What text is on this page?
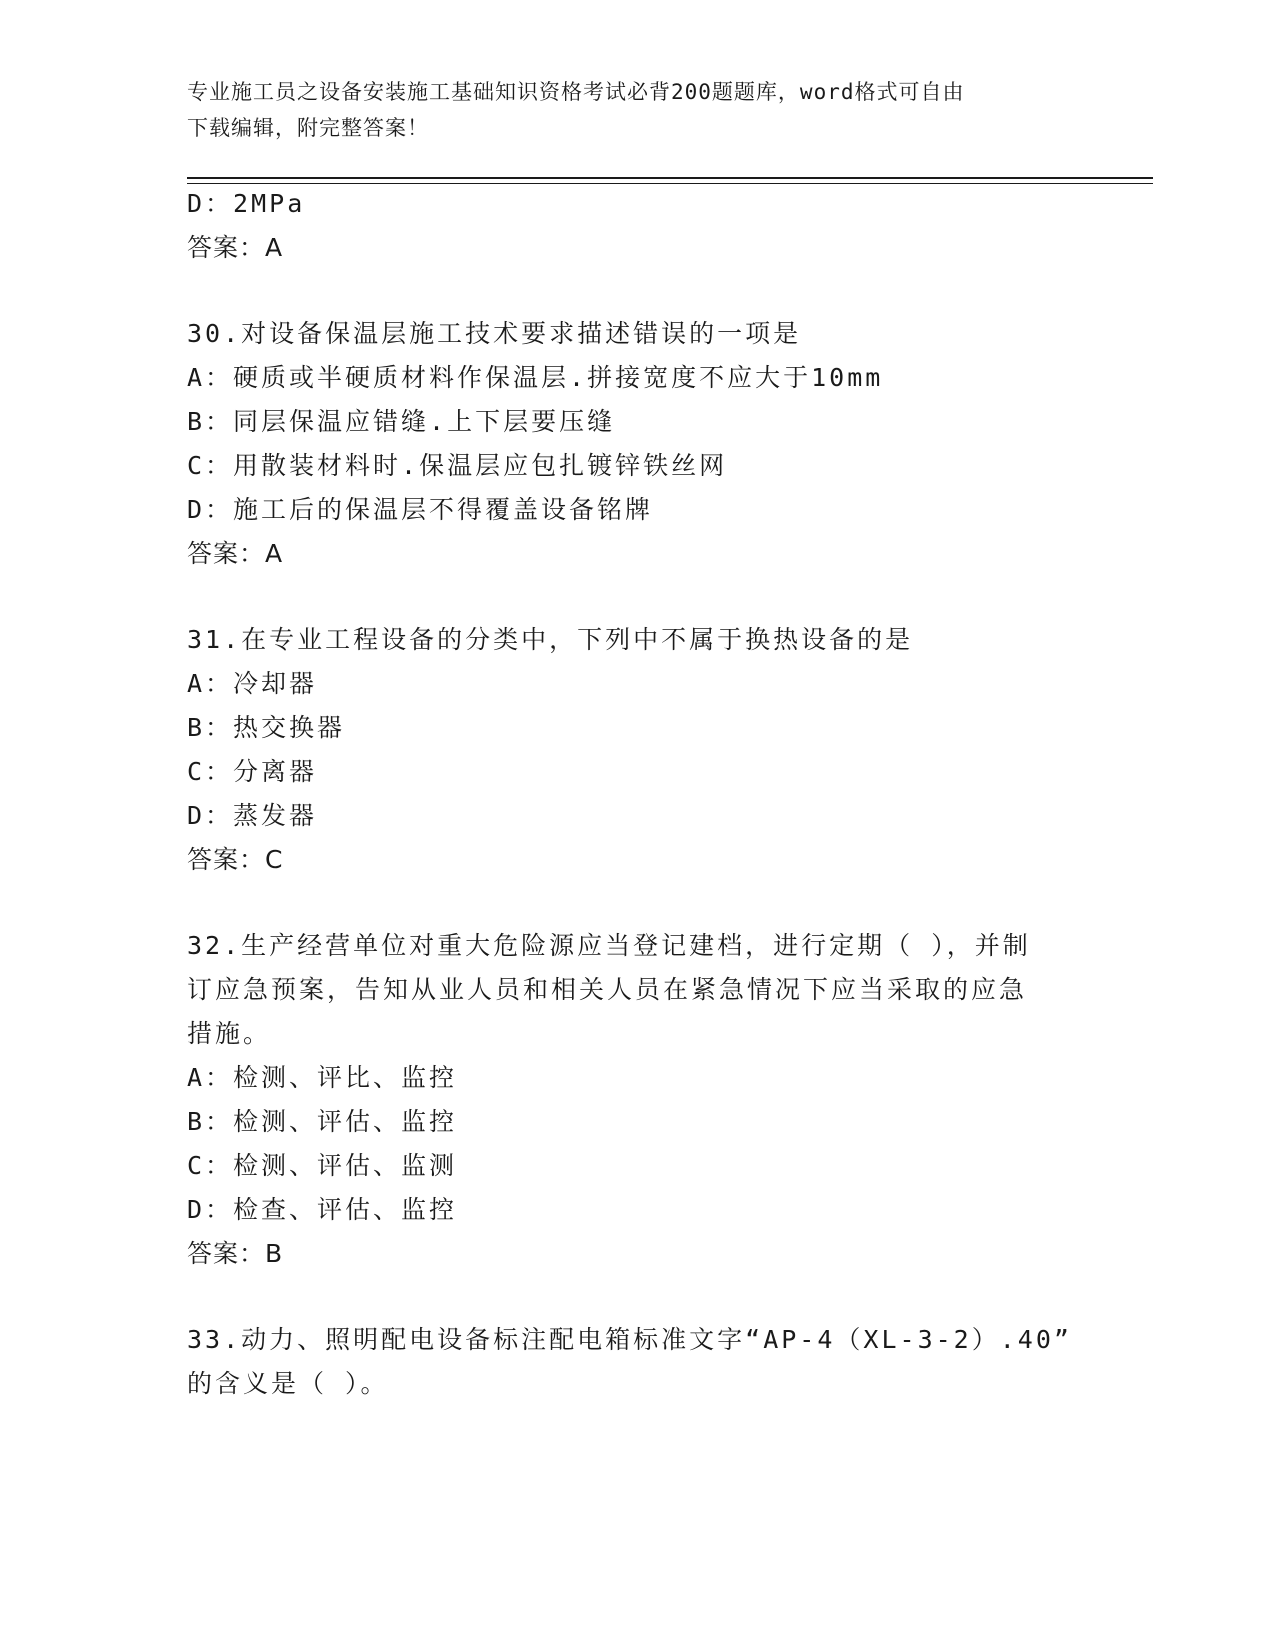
专业施工员之设备安装施工基础知识资格考试必背200题题库，word格式可自由
下载编辑，附完整答案！
D：2MPa
答案：A
30.对设备保温层施工技术要求描述错误的一项是
A：硬质或半硬质材料作保温层.拼接宽度不应大于10mm
B：同层保温应错缝.上下层要压缝
C：用散装材料时.保温层应包扎镀锌铁丝网
D：施工后的保温层不得覆盖设备铭牌
答案：A
31.在专业工程设备的分类中，下列中不属于换热设备的是
A：冷却器
B：热交换器
C：分离器
D：蒸发器
答案：C
32.生产经营单位对重大危险源应当登记建档，进行定期（ ），并制
订应急预案，告知从业人员和相关人员在紧急情况下应当采取的应急
措施。
A：检测、评比、监控
B：检测、评估、监控
C：检测、评估、监测
D：检查、评估、监控
答案：B
33.动力、照明配电设备标注配电箱标准文字“AP-4（XL-3-2）.40”
的含义是（ ）。
